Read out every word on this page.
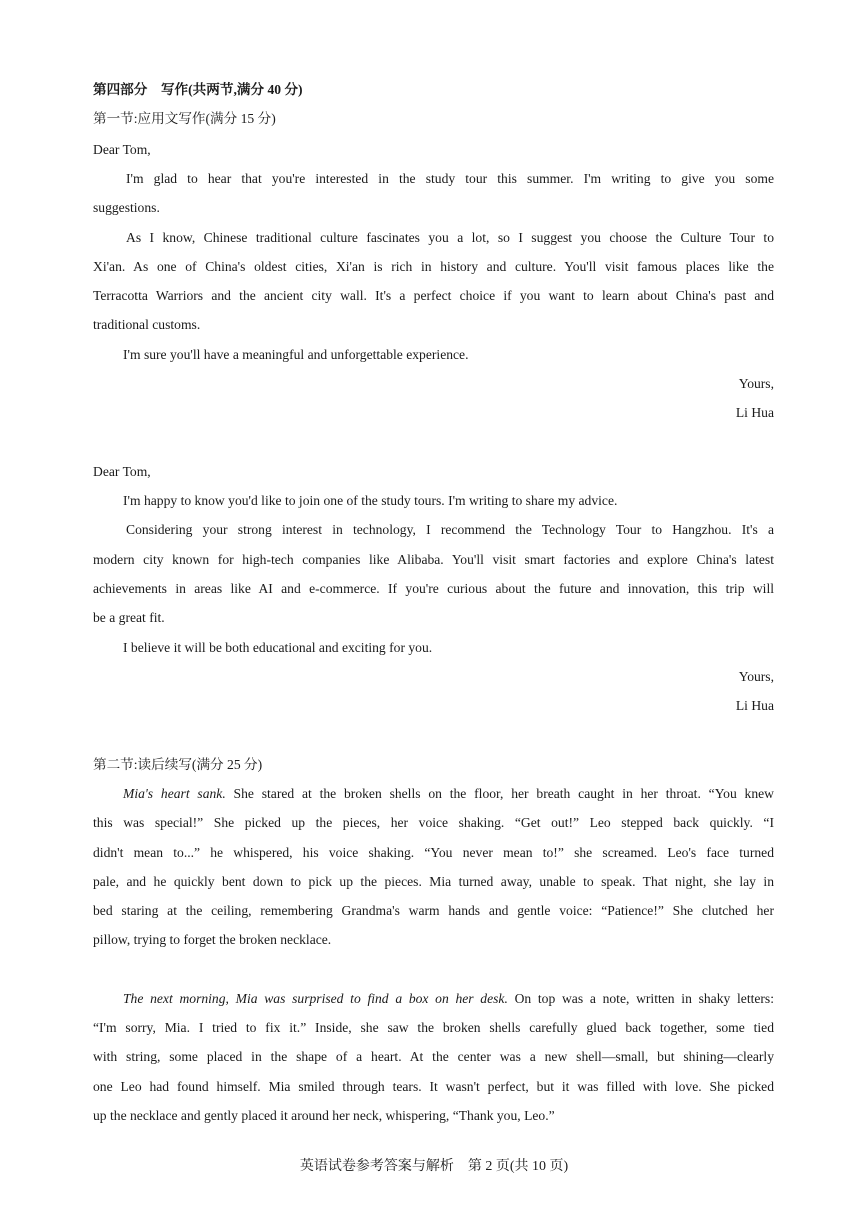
第四部分　写作(共两节,满分 40 分)
第一节:应用文写作(满分 15 分)
Dear Tom,
I'm glad to hear that you're interested in the study tour this summer. I'm writing to give you some
suggestions.
As I know, Chinese traditional culture fascinates you a lot, so I suggest you choose the Culture Tour to
Xi'an. As one of China's oldest cities, Xi'an is rich in history and culture. You'll visit famous places like the
Terracotta Warriors and the ancient city wall. It's a perfect choice if you want to learn about China's past and
traditional customs.
I'm sure you'll have a meaningful and unforgettable experience.
Yours,
Li Hua
Dear Tom,
I'm happy to know you'd like to join one of the study tours. I'm writing to share my advice.
Considering your strong interest in technology, I recommend the Technology Tour to Hangzhou. It's a
modern city known for high-tech companies like Alibaba. You'll visit smart factories and explore China's latest
achievements in areas like AI and e-commerce. If you're curious about the future and innovation, this trip will
be a great fit.
I believe it will be both educational and exciting for you.
Yours,
Li Hua
第二节:读后续写(满分 25 分)
Mia's heart sank. She stared at the broken shells on the floor, her breath caught in her throat. “You knew
this was special!” She picked up the pieces, her voice shaking. “Get out!” Leo stepped back quickly. “I
didn't mean to...” he whispered, his voice shaking. “You never mean to!” she screamed. Leo's face turned
pale, and he quickly bent down to pick up the pieces. Mia turned away, unable to speak. That night, she lay in
bed staring at the ceiling, remembering Grandma's warm hands and gentle voice: “Patience!” She clutched her
pillow, trying to forget the broken necklace.
The next morning, Mia was surprised to find a box on her desk. On top was a note, written in shaky letters:
“I'm sorry, Mia. I tried to fix it.” Inside, she saw the broken shells carefully glued back together, some tied
with string, some placed in the shape of a heart. At the center was a new shell—small, but shining—clearly
one Leo had found himself. Mia smiled through tears. It wasn't perfect, but it was filled with love. She picked
up the necklace and gently placed it around her neck, whispering, “Thank you, Leo.”
英语试卷参考答案与解析　第 2 页(共 10 页)
